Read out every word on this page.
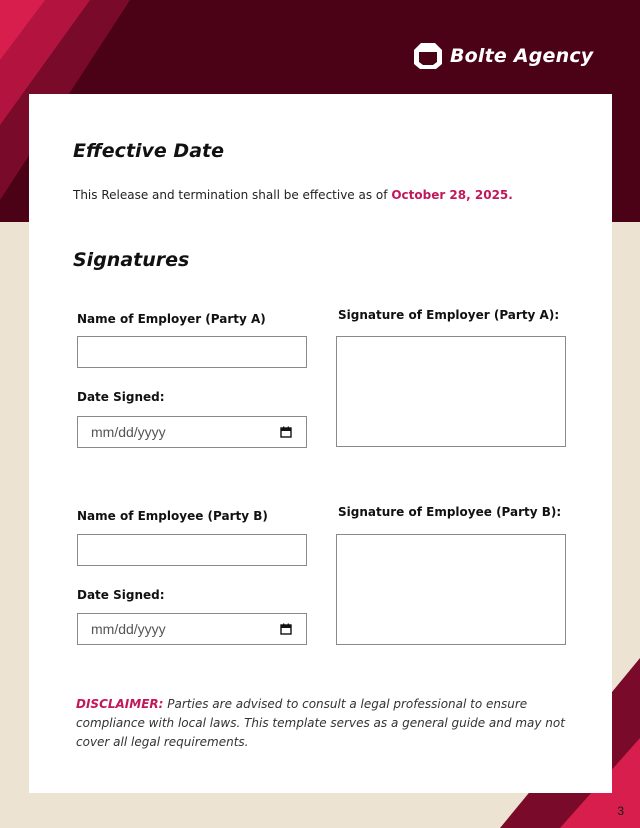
Bolte Agency
Effective Date
This Release and termination shall be effective as of October 28, 2025.
Signatures
Name of Employer (Party A)	Signature of Employer (Party A):
Date Signed:
mm/dd/yyyy
Name of Employee (Party B)	Signature of Employee (Party B):
Date Signed:
mm/dd/yyyy
DISCLAIMER: Parties are advised to consult a legal professional to ensure compliance with local laws. This template serves as a general guide and may not cover all legal requirements.
3
